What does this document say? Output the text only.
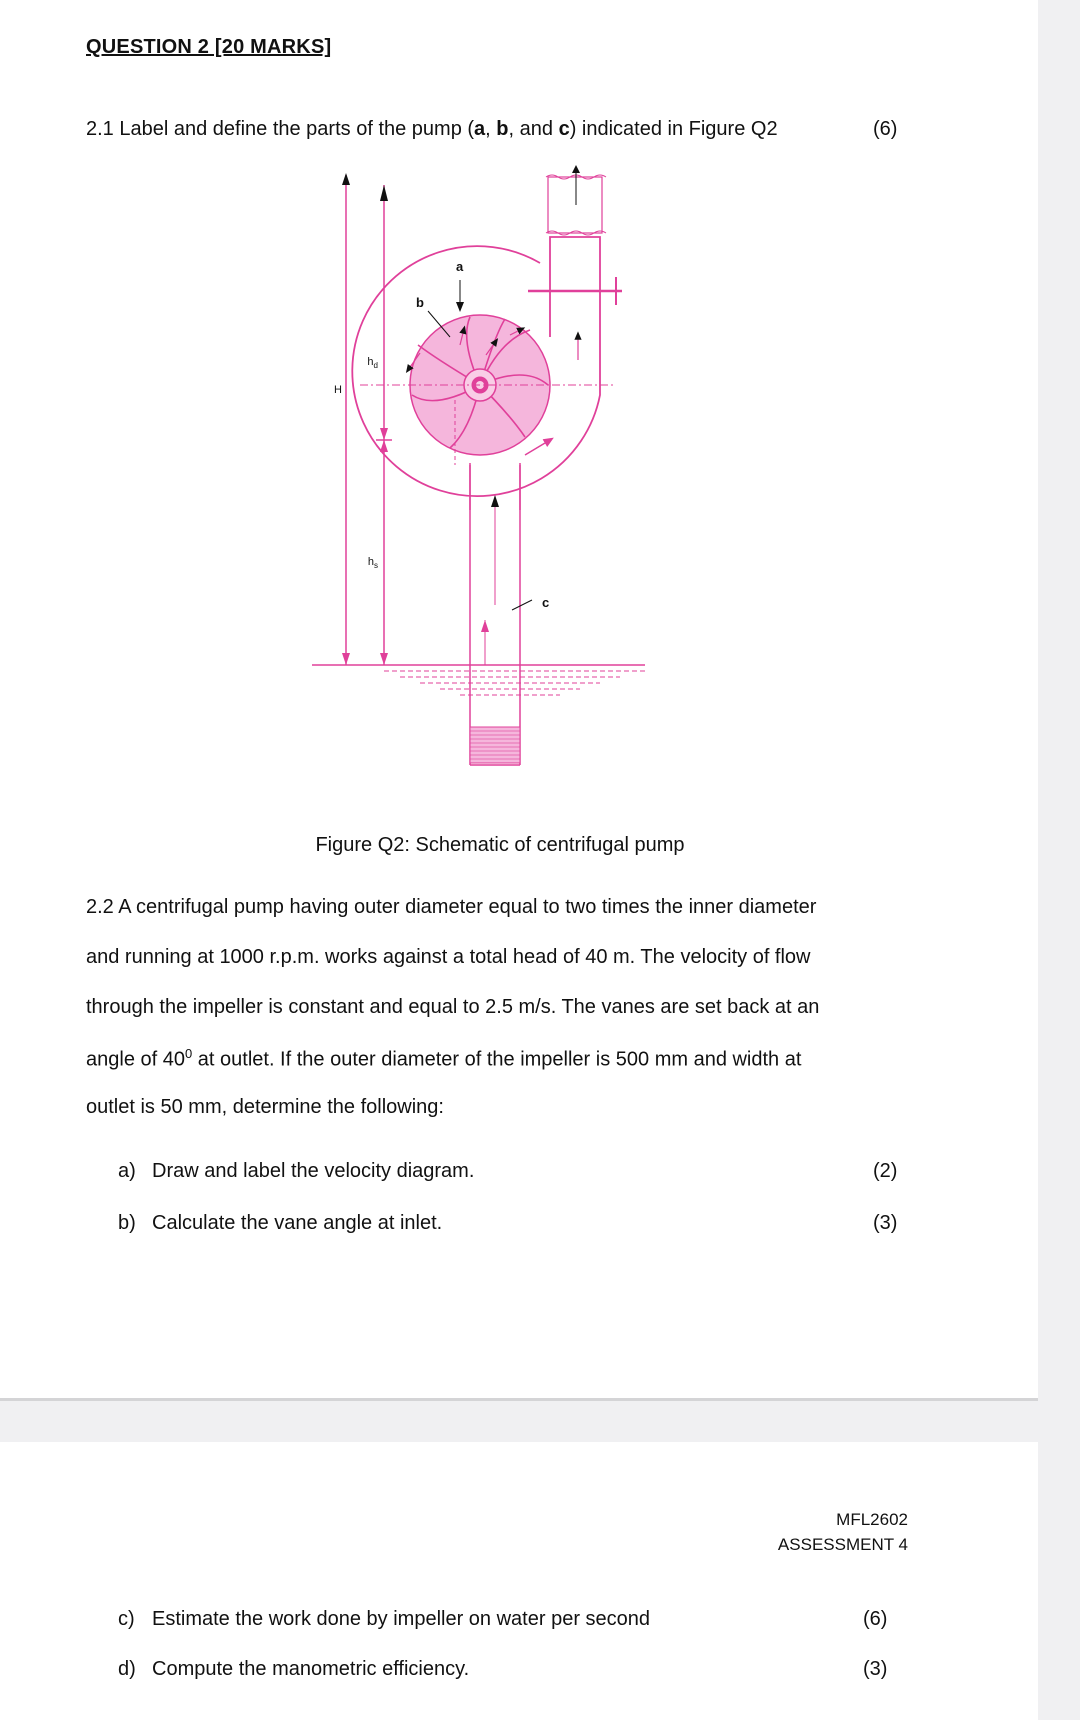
QUESTION 2 [20 MARKS]
2.1 Label and define the parts of the pump (a, b, and c) indicated in Figure Q2	(6)
H
$h_d$
$h_s$
c
a
b
Figure Q2: Schematic of centrifugal pump
2.2 A centrifugal pump having outer diameter equal to two times the inner diameter
and running at 1000 r.p.m. works against a total head of 40 m. The velocity of flow
through the impeller is constant and equal to 2.5 m/s. The vanes are set back at an
angle of $40^0$ at outlet. If the outer diameter of the impeller is 500 mm and width at
outlet is 50 mm, determine the following:
a) Draw and label the velocity diagram.	(2)
b) Calculate the vane angle at inlet.	(3)
MFL2602
ASSESSMENT 4
c) Estimate the work done by impeller on water per second	(6)
d) Compute the manometric efficiency.	(3)
